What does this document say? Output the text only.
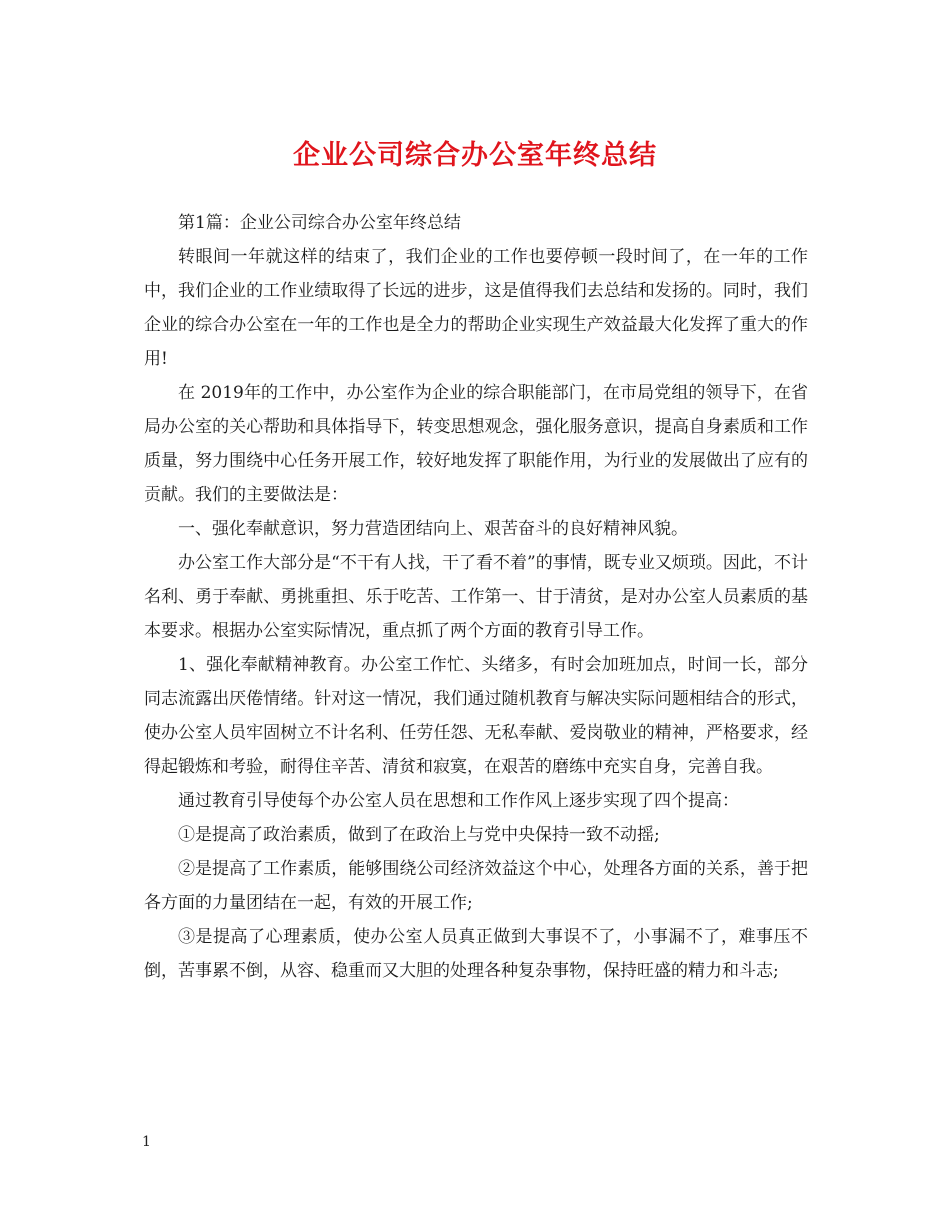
企业公司综合办公室年终总结

第1篇：企业公司综合办公室年终总结

转眼间一年就这样的结束了，我们企业的工作也要停顿一段时间了，在一年的工作中，我们企业的工作业绩取得了长远的进步，这是值得我们去总结和发扬的。同时，我们企业的综合办公室在一年的工作也是全力的帮助企业实现生产效益最大化发挥了重大的作用!

在 2019年的工作中，办公室作为企业的综合职能部门，在市局党组的领导下，在省局办公室的关心帮助和具体指导下，转变思想观念，强化服务意识，提高自身素质和工作质量，努力围绕中心任务开展工作，较好地发挥了职能作用，为行业的发展做出了应有的贡献。我们的主要做法是：

一、强化奉献意识，努力营造团结向上、艰苦奋斗的良好精神风貌。

办公室工作大部分是“不干有人找，干了看不着”的事情，既专业又烦琐。因此，不计名利、勇于奉献、勇挑重担、乐于吃苦、工作第一、甘于清贫，是对办公室人员素质的基本要求。根据办公室实际情况，重点抓了两个方面的教育引导工作。

1、强化奉献精神教育。办公室工作忙、头绪多，有时会加班加点，时间一长，部分同志流露出厌倦情绪。针对这一情况，我们通过随机教育与解决实际问题相结合的形式，使办公室人员牢固树立不计名利、任劳任怨、无私奉献、爱岗敬业的精神，严格要求，经得起锻炼和考验，耐得住辛苦、清贫和寂寞，在艰苦的磨练中充实自身，完善自我。

通过教育引导使每个办公室人员在思想和工作作风上逐步实现了四个提高：

①是提高了政治素质，做到了在政治上与党中央保持一致不动摇;

②是提高了工作素质，能够围绕公司经济效益这个中心，处理各方面的关系，善于把各方面的力量团结在一起，有效的开展工作;

③是提高了心理素质，使办公室人员真正做到大事误不了，小事漏不了，难事压不倒，苦事累不倒，从容、稳重而又大胆的处理各种复杂事物，保持旺盛的精力和斗志;

1
